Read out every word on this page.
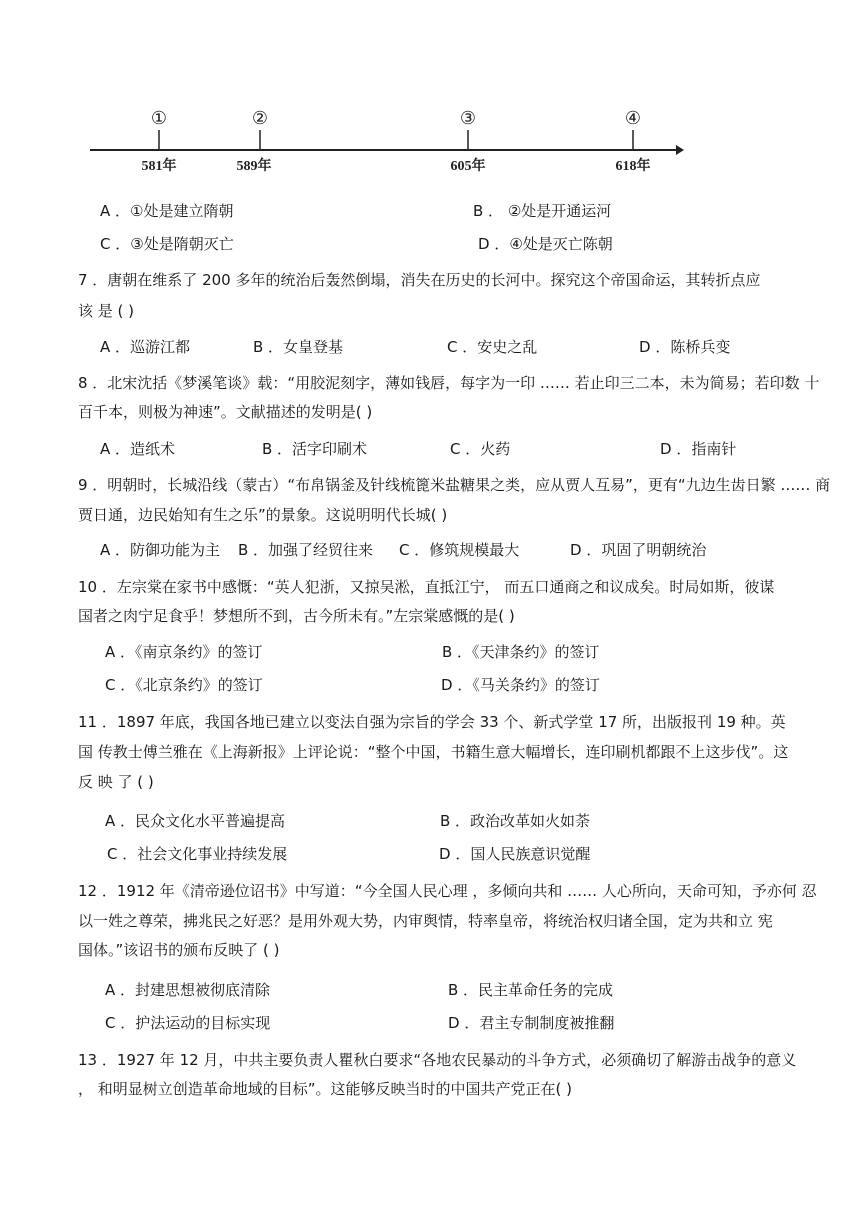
①	②	③	④
581年	589年	605年	618年
A ．①处是建立隋朝	B ． ②处是开通运河
C ．③处是隋朝灭亡	D ．④处是灭亡陈朝
7 ．唐朝在维系了 200 多年的统治后轰然倒塌，消失在历史的长河中。探究这个帝国命运，其转折点应
该 是 ( )
A ．巡游江都	B ．女皇登基	C ．安史之乱	D ．陈桥兵变
8 ．北宋沈括《梦溪笔谈》载：“用胶泥刻字，薄如钱唇，每字为一印 …… 若止印三二本，未为简易；若印数 十
百千本，则极为神速”。文献描述的发明是( )
A ．造纸术	B ．活字印刷术	C ．火药	D ．指南针
9 ．明朝时，长城沿线（蒙古）“布帛锅釜及针线梳篦米盐糖果之类，应从贾人互易”，更有“九边生齿日繁 …… 商
贾日通，边民始知有生之乐”的景象。这说明明代长城( )
A ．防御功能为主 B ．加强了经贸往来 C ．修筑规模最大	D ．巩固了明朝统治
10 ．左宗棠在家书中感慨：“英人犯浙，又掠吴淞，直抵江宁， 而五口通商之和议成矣。时局如斯，彼谋
国者之肉宁足食乎！梦想所不到，古今所未有。”左宗棠感慨的是( )
A ．《南京条约》的签订	B ．《天津条约》的签订
C ．《北京条约》的签订	D ．《马关条约》的签订
11 ．1897 年底，我国各地已建立以变法自强为宗旨的学会 33 个、新式学堂 17 所，出版报刊 19 种。英
国 传教士傅兰雅在《上海新报》上评论说：“整个中国，书籍生意大幅增长，连印刷机都跟不上这步伐”。这
反 映 了 ( )
A ．民众文化水平普遍提高	B ．政治改革如火如荼
C ．社会文化事业持续发展	D ．国人民族意识觉醒
12 ．1912 年《清帝逊位诏书》中写道：“今全国人民心理 ，多倾向共和 …… 人心所向，天命可知，予亦何 忍
以一姓之尊荣，拂兆民之好恶？是用外观大势，内审舆情，特率皇帝，将统治权归诸全国，定为共和立 宪
国体。”该诏书的颁布反映了 ( )
A ．封建思想被彻底清除	B ．民主革命任务的完成
C ．护法运动的目标实现	D ．君主专制制度被推翻
13 ．1927 年 12 月，中共主要负责人瞿秋白要求“各地农民暴动的斗争方式，必须确切了解游击战争的意义
， 和明显树立创造革命地域的目标”。这能够反映当时的中国共产党正在( )
